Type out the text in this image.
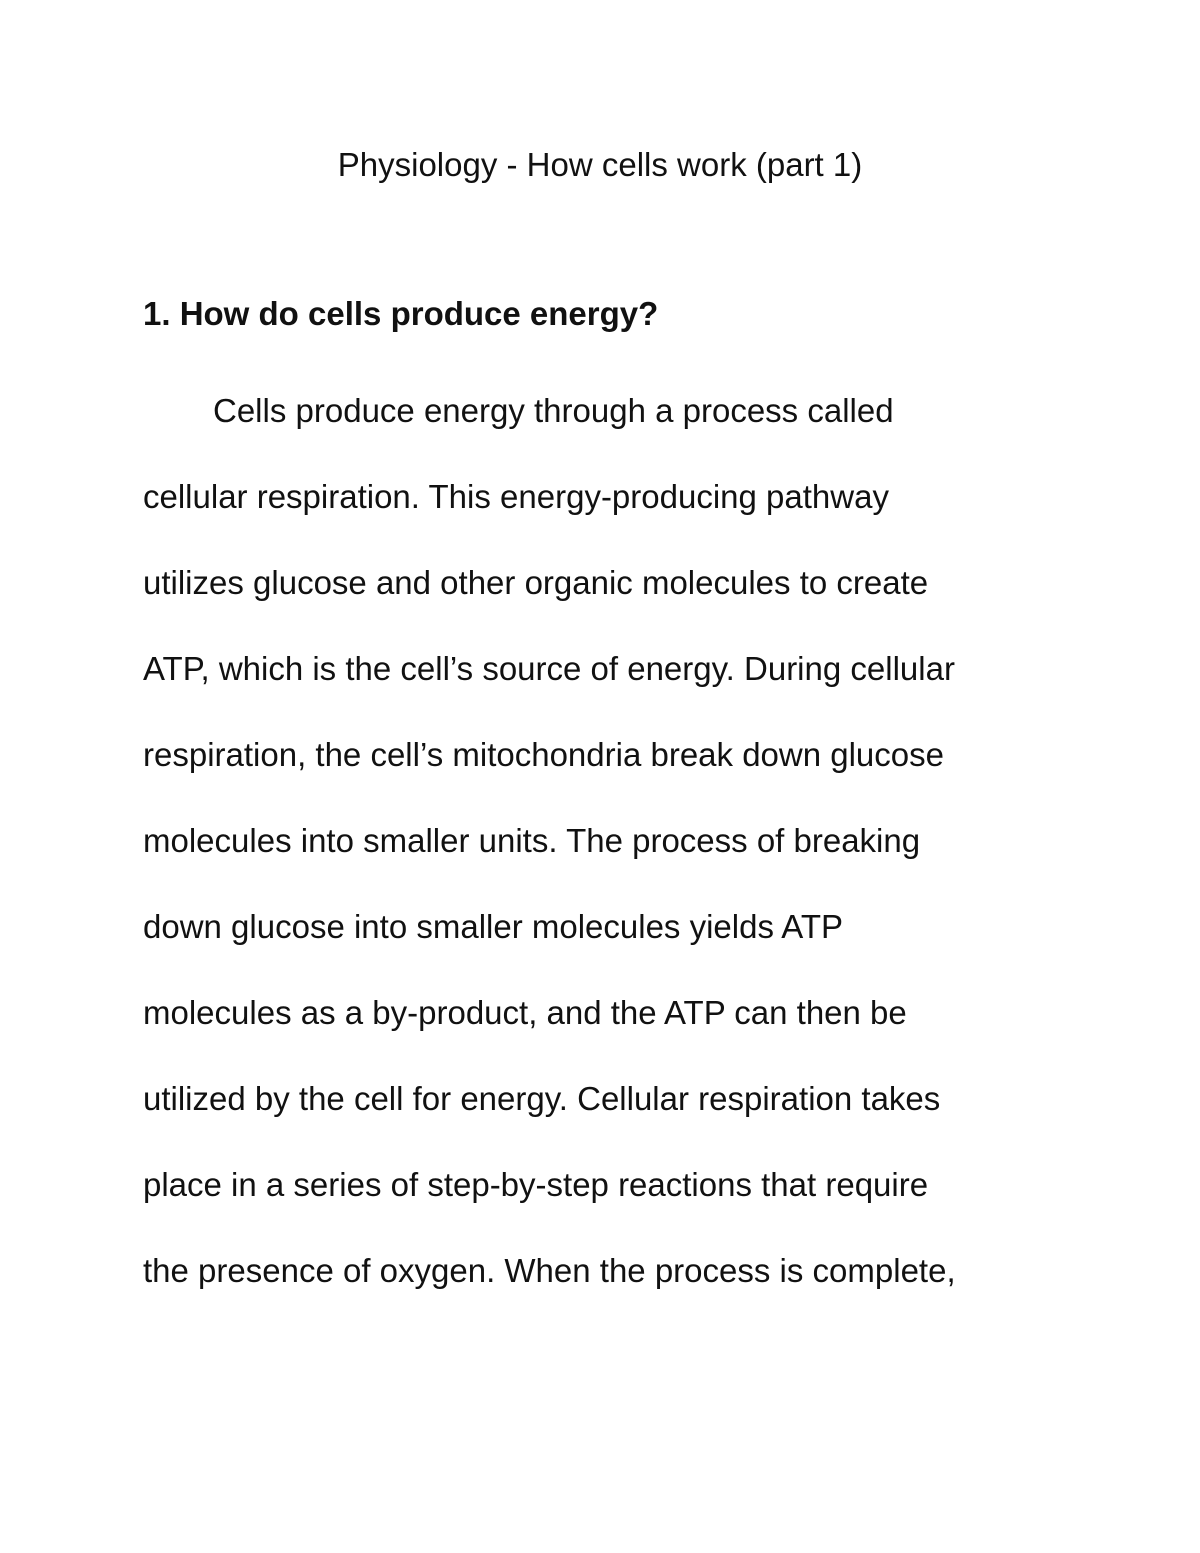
Physiology - How cells work (part 1)
1. How do cells produce energy?
Cells produce energy through a process called
cellular respiration. This energy-producing pathway
utilizes glucose and other organic molecules to create
ATP, which is the cell’s source of energy. During cellular
respiration, the cell’s mitochondria break down glucose
molecules into smaller units. The process of breaking
down glucose into smaller molecules yields ATP
molecules as a by-product, and the ATP can then be
utilized by the cell for energy. Cellular respiration takes
place in a series of step-by-step reactions that require
the presence of oxygen. When the process is complete,
